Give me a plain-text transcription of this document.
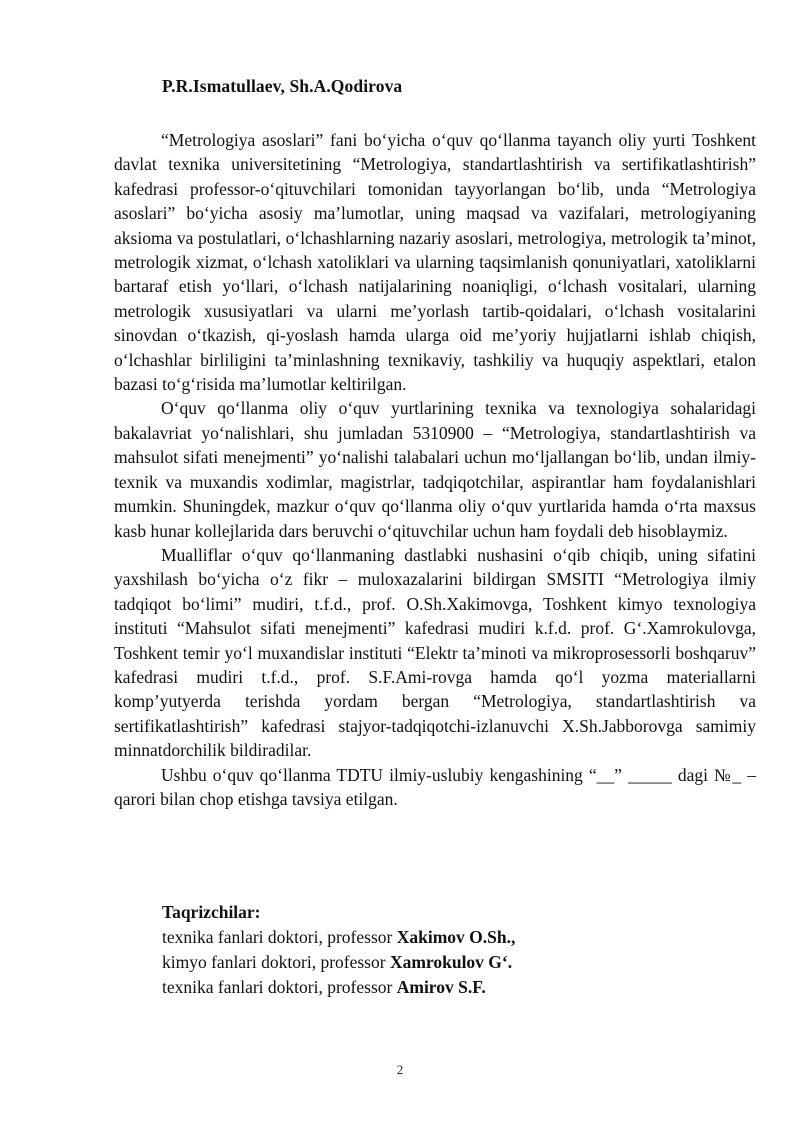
P.R.Ismatullaev, Sh.A.Qodirova

“Metrologiya asoslari” fani bo‘yicha o‘quv qo‘llanma tayanch oliy yurti Toshkent davlat texnika universitetining “Metrologiya, standartlashtirish va sertifikatlashtirish” kafedrasi professor-o‘qituvchilari tomonidan tayyorlangan bo‘lib, unda “Metrologiya asoslari” bo‘yicha asosiy ma’lumotlar, uning maqsad va vazifalari, metrologiyaning aksioma va postulatlari, o‘lchashlarning nazariy asoslari, metrologiya, metrologik ta’minot, metrologik xizmat, o‘lchash xatoliklari va ularning taqsimlanish qonuniyatlari, xatoliklarni bartaraf etish yo‘llari, o‘lchash natijalarining noaniqligi, o‘lchash vositalari, ularning metrologik xususiyatlari va ularni me’yorlash tartib-qoidalari, o‘lchash vositalarini sinovdan o‘tkazish, qi-yoslash hamda ularga oid me’yoriy hujjatlarni ishlab chiqish, o‘lchashlar birliligini ta’minlashning texnikaviy, tashkiliy va huquqiy aspektlari, etalon bazasi to‘g‘risida ma’lumotlar keltirilgan.

O‘quv qo‘llanma oliy o‘quv yurtlarining texnika va texnologiya sohalaridagi bakalavriat yo‘nalishlari, shu jumladan 5310900 – “Metrologiya, standartlashtirish va mahsulot sifati menejmenti” yo‘nalishi talabalari uchun mo‘ljallangan bo‘lib, undan ilmiy-texnik va muxandis xodimlar, magistrlar, tadqiqotchilar, aspirantlar ham foydalanishlari mumkin. Shuningdek, mazkur o‘quv qo‘llanma oliy o‘quv yurtlarida hamda o‘rta maxsus kasb hunar kollejlarida dars beruvchi o‘qituvchilar uchun ham foydali deb hisoblaymiz.

Mualliflar o‘quv qo‘llanmaning dastlabki nushasini o‘qib chiqib, uning sifatini yaxshilash bo‘yicha o‘z fikr – muloxazalarini bildirgan SMSITI “Metrologiya ilmiy tadqiqot bo‘limi” mudiri, t.f.d., prof. O.Sh.Xakimovga, Toshkent kimyo texnologiya instituti “Mahsulot sifati menejmenti” kafedrasi mudiri k.f.d. prof. G‘.Xamrokulovga, Toshkent temir yo‘l muxandislar instituti “Elektr ta’minoti va mikroprosessorli boshqaruv” kafedrasi mudiri t.f.d., prof. S.F.Ami-rovga hamda qo‘l yozma materiallarni komp’yutyerda terishda yordam bergan “Metrologiya, standartlashtirish va sertifikatlashtirish” kafedrasi stajyor-tadqiqotchi-izlanuvchi X.Sh.Jabborovga samimiy minnatdorchilik bildiradilar.

Ushbu o‘quv qo‘llanma TDTU ilmiy-uslubiy kengashining “__” _____ dagi №_ – qarori bilan chop etishga tavsiya etilgan.

Taqrizchilar:
texnika fanlari doktori, professor Xakimov O.Sh.,
kimyo fanlari doktori, professor Xamrokulov G‘.
texnika fanlari doktori, professor Amirov S.F.
2
